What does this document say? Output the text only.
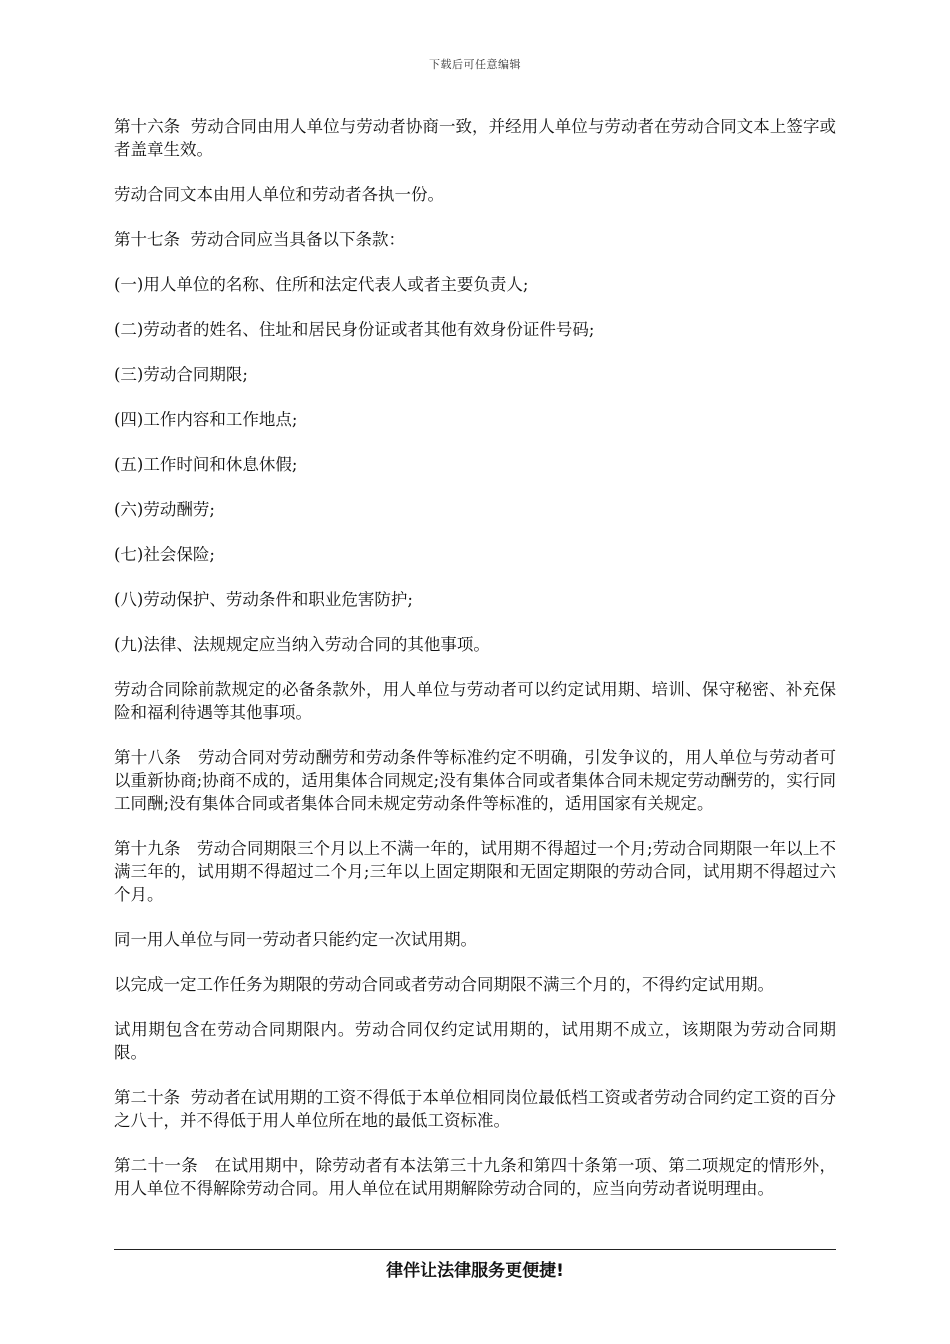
下载后可任意编辑

第十六条  劳动合同由用人单位与劳动者协商一致，并经用人单位与劳动者在劳动合同文本上签字或者盖章生效。

劳动合同文本由用人单位和劳动者各执一份。

第十七条  劳动合同应当具备以下条款：

(一)用人单位的名称、住所和法定代表人或者主要负责人;

(二)劳动者的姓名、住址和居民身份证或者其他有效身份证件号码;

(三)劳动合同期限;

(四)工作内容和工作地点;

(五)工作时间和休息休假;

(六)劳动酬劳;

(七)社会保险;

(八)劳动保护、劳动条件和职业危害防护;

(九)法律、法规规定应当纳入劳动合同的其他事项。

劳动合同除前款规定的必备条款外，用人单位与劳动者可以约定试用期、培训、保守秘密、补充保险和福利待遇等其他事项。

第十八条   劳动合同对劳动酬劳和劳动条件等标准约定不明确，引发争议的，用人单位与劳动者可以重新协商;协商不成的，适用集体合同规定;没有集体合同或者集体合同未规定劳动酬劳的，实行同工同酬;没有集体合同或者集体合同未规定劳动条件等标准的，适用国家有关规定。

第十九条   劳动合同期限三个月以上不满一年的，试用期不得超过一个月;劳动合同期限一年以上不满三年的，试用期不得超过二个月;三年以上固定期限和无固定期限的劳动合同，试用期不得超过六个月。

同一用人单位与同一劳动者只能约定一次试用期。

以完成一定工作任务为期限的劳动合同或者劳动合同期限不满三个月的，不得约定试用期。

试用期包含在劳动合同期限内。劳动合同仅约定试用期的，试用期不成立，该期限为劳动合同期限。

第二十条  劳动者在试用期的工资不得低于本单位相同岗位最低档工资或者劳动合同约定工资的百分之八十，并不得低于用人单位所在地的最低工资标准。

第二十一条   在试用期中，除劳动者有本法第三十九条和第四十条第一项、第二项规定的情形外，用人单位不得解除劳动合同。用人单位在试用期解除劳动合同的，应当向劳动者说明理由。

律伴让法律服务更便捷!
